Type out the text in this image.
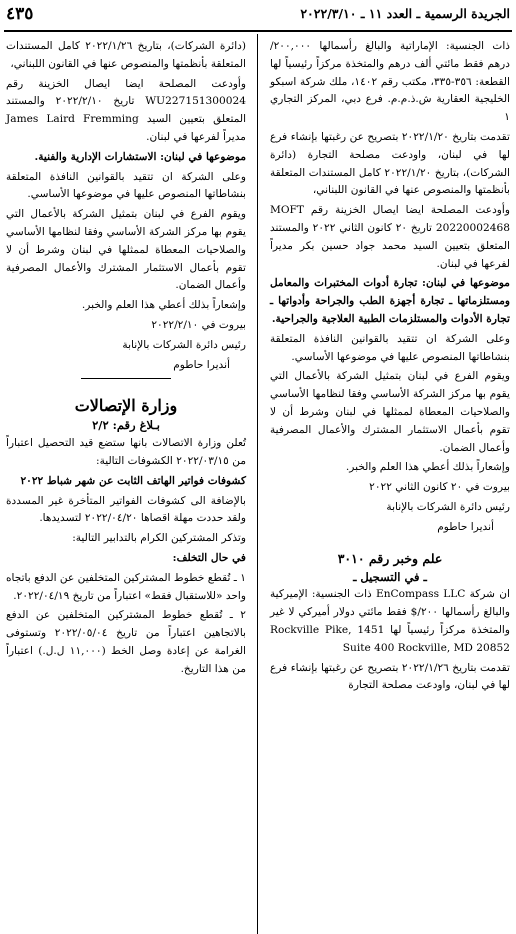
الجريدة الرسمية ـ العدد ١١ ـ ٢٠٢٢/٣/١٠
٤٣٥

ذات الجنسية: الإماراتية والبالغ رأسمالها ٢٠٠,٠٠٠/ درهم فقط مائتي ألف درهم والمتخذة مركزاً رئيسياً لها القطعة: ٣٥٦-٣٣٥، مكتب رقم ١٤٠٢، ملك شركة اسبكو الخليجية العقارية ش.ذ.م.م. فرع دبي، المركز التجاري ١

تقدمت بتاريخ ٢٠٢٢/١/٢٠ بتصريح عن رغبتها بإنشاء فرع لها في لبنان، واودعت مصلحة التجارة (دائرة الشركات)، بتاريخ ٢٠٢٢/١/٢٠ كامل المستندات المتعلقة بأنظمتها والمنصوص عنها في القانون اللبناني،

وأودعت المصلحة ايضا ايصال الخزينة رقم MOFT 20220002468 تاريخ ٢٠ كانون الثاني ٢٠٢٢ والمستند المتعلق بتعيين السيد محمد جواد حسين بكر مديراً لفرعها في لبنان.

موضوعها في لبنان: تجارة أدوات المختبرات والمعامل ومستلزماتها ـ تجارة أجهزة الطب والجراحة وأدواتها ـ تجارة الأدوات والمستلزمات الطبية العلاجية والجراحية.

وعلى الشركة ان تتقيد بالقوانين النافذة المتعلقة بنشاطاتها المنصوص عليها في موضوعها الأساسي.

ويقوم الفرع في لبنان بتمثيل الشركة بالأعمال التي يقوم بها مركز الشركة الأساسي وفقا لنظامها الأساسي والصلاحيات المعطاة لممثلها في لبنان وشرط أن لا تقوم بأعمال الاستثمار المشترك والأعمال المصرفية وأعمال الضمان.

وإشعاراً بذلك أعطي هذا العلم والخبر.

بيروت في ٢٠ كانون الثاني ٢٠٢٢

رئيس دائرة الشركات بالإنابة

أنديرا حاطوم

علم وخبر رقم ٣٠١٠
ـ في التسجيل ـ

ان شركة EnCompass LLC ذات الجنسية: الإميركية والبالغ رأسمالها ٢٠٠/$ فقط مائتي دولار أميركي لا غير والمتخذة مركزاً رئيسياً لها 1451 Rockville Pike, Suite 400 Rockville, MD 20852

تقدمت بتاريخ ٢٠٢٢/١/٢٦ بتصريح عن رغبتها بإنشاء فرع لها في لبنان، واودعت مصلحة التجارة

(دائرة الشركات)، بتاريخ ٢٠٢٢/١/٢٦ كامل المستندات المتعلقة بأنظمتها والمنصوص عنها في القانون اللبناني،

وأودعت المصلحة ايضا ايصال الخزينة رقم WU227151300024 تاريخ ٢٠٢٢/٢/١٠ والمستند المتعلق بتعيين السيد James Laird Fremming مديراً لفرعها في لبنان.

موضوعها في لبنان: الاستشارات الإدارية والفنية.

وعلى الشركة ان تتقيد بالقوانين النافذة المتعلقة بنشاطاتها المنصوص عليها في موضوعها الأساسي.

ويقوم الفرع في لبنان بتمثيل الشركة بالأعمال التي يقوم بها مركز الشركة الأساسي وفقا لنظامها الأساسي والصلاحيات المعطاة لممثلها في لبنان وشرط أن لا تقوم بأعمال الاستثمار المشترك والأعمال المصرفية وأعمال الضمان.

وإشعاراً بذلك أعطي هذا العلم والخبر.

بيروت في ٢٠٢٢/٢/١٠

رئيس دائرة الشركات بالإنابة

أنديرا حاطوم

وزارة الإتصالات
بـلاغ رقم: ٢/٢

تُعلن وزارة الاتصالات بانها ستضع قيد التحصيل اعتباراً من ٢٠٢٢/٠٣/١٥ الكشوفات التالية:

كشوفات فواتير الهاتف الثابت عن شهر شباط ٢٠٢٢

بالإضافة الى كشوفات الفواتير المتأخرة غير المسددة ولقد حددت مهلة اقصاها ٢٠٢٢/٠٤/٢٠ لتسديدها.

وتذكر المشتركين الكرام بالتدابير التالية:

في حال التخلف:

١ ـ تُقطع خطوط المشتركين المتخلفين عن الدفع باتجاه واحد «للاستقبال فقط» اعتباراً من تاريخ ٢٠٢٢/٠٤/١٩.

٢ ـ تُقطع خطوط المشتركين المتخلفين عن الدفع بالاتجاهين اعتباراً من تاريخ ٢٠٢٢/٠٥/٠٤ وتستوفى الغرامة عن إعادة وصل الخط (١١,٠٠٠ ل.ل.) اعتباراً من هذا التاريخ.
